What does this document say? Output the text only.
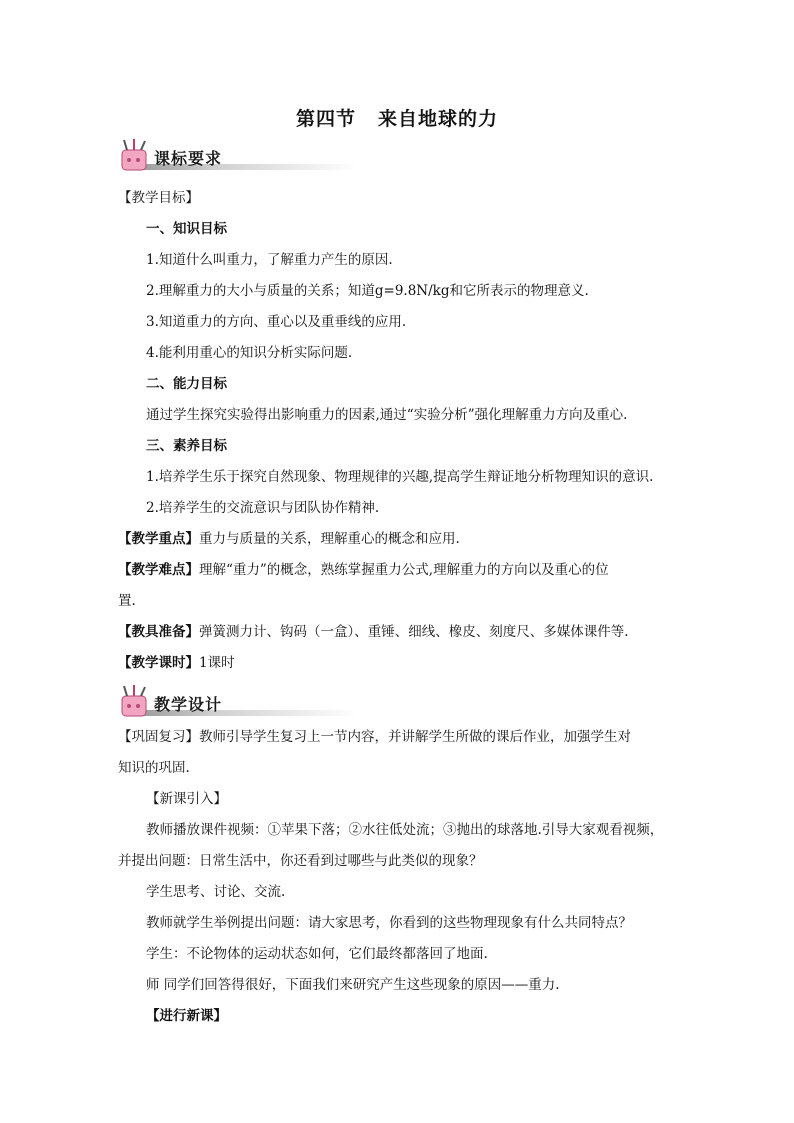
第四节 来自地球的力
课标要求
【教学目标】
一、知识目标
1.知道什么叫重力，了解重力产生的原因.
2.理解重力的大小与质量的关系；知道g=9.8N/kg和它所表示的物理意义.
3.知道重力的方向、重心以及重垂线的应用.
4.能利用重心的知识分析实际问题.
二、能力目标
通过学生探究实验得出影响重力的因素,通过“实验分析”强化理解重力方向及重心.
三、素养目标
1.培养学生乐于探究自然现象、物理规律的兴趣,提高学生辩证地分析物理知识的意识.
2.培养学生的交流意识与团队协作精神.
【教学重点】重力与质量的关系，理解重心的概念和应用.
【教学难点】理解“重力”的概念，熟练掌握重力公式,理解重力的方向以及重心的位
置.
【教具准备】弹簧测力计、钩码（一盒）、重锤、细线、橡皮、刻度尺、多媒体课件等.
【教学课时】1课时
教学设计
【巩固复习】教师引导学生复习上一节内容，并讲解学生所做的课后作业，加强学生对
知识的巩固.
【新课引入】
教师播放课件视频：①苹果下落；②水往低处流；③抛出的球落地.引导大家观看视频，
并提出问题：日常生活中，你还看到过哪些与此类似的现象？
学生思考、讨论、交流.
教师就学生举例提出问题：请大家思考，你看到的这些物理现象有什么共同特点？
学生：不论物体的运动状态如何，它们最终都落回了地面.
师 同学们回答得很好，下面我们来研究产生这些现象的原因——重力.
【进行新课】
